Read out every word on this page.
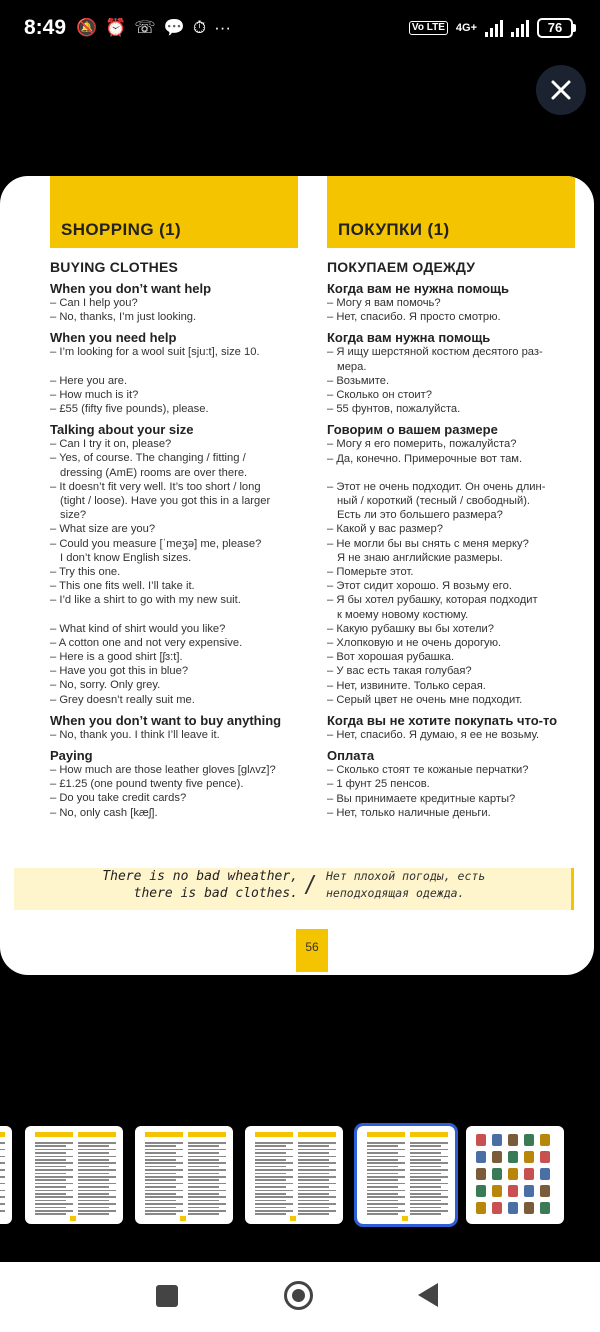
8:49 🔕 ⏰ ☏ 💬 ⏱ ···	Vo LTE 4G+	76
SHOPPING (1)
BUYING CLOTHES
When you don’t want help
– Can I help you?
– No, thanks, I’m just looking.
When you need help
– I’m looking for a wool suit [sju:t], size 10.
– Here you are.
– How much is it?
– £55 (fifty five pounds), please.
Talking about your size
– Can I try it on, please?
– Yes, of course. The changing / fitting /
dressing (AmE) rooms are over there.
– It doesn’t fit very well. It’s too short / long
(tight / loose). Have you got this in a larger
size?
– What size are you?
– Could you measure [ˈmeʒə] me, please?
I don’t know English sizes.
– Try this one.
– This one fits well. I’ll take it.
– I’d like a shirt to go with my new suit.
– What kind of shirt would you like?
– A cotton one and not very expensive.
– Here is a good shirt [ʃɜ:t].
– Have you got this in blue?
– No, sorry. Only grey.
– Grey doesn’t really suit me.
When you don’t want to buy anything
– No, thank you. I think I’ll leave it.
Paying
– How much are those leather gloves [glʌvz]?
– £1.25 (one pound twenty five pence).
– Do you take credit cards?
– No, only cash [kæʃ].
ПОКУПКИ (1)
ПОКУПАЕМ ОДЕЖДУ
Когда вам не нужна помощь
– Могу я вам помочь?
– Нет, спасибо. Я просто смотрю.
Когда вам нужна помощь
– Я ищу шерстяной костюм десятого раз-
мера.
– Возьмите.
– Сколько он стоит?
– 55 фунтов, пожалуйста.
Говорим о вашем размере
– Могу я его померить, пожалуйста?
– Да, конечно. Примерочные вот там.
– Этот не очень подходит. Он очень длин-
ный / короткий (тесный / свободный).
Есть ли это большего размера?
– Какой у вас размер?
– Не могли бы вы снять с меня мерку?
Я не знаю английские размеры.
– Померьте этот.
– Этот сидит хорошо. Я возьму его.
– Я бы хотел рубашку, которая подходит
к моему новому костюму.
– Какую рубашку вы бы хотели?
– Хлопковую и не очень дорогую.
– Вот хорошая рубашка.
– У вас есть такая голубая?
– Нет, извините. Только серая.
– Серый цвет не очень мне подходит.
Когда вы не хотите покупать что-то
– Нет, спасибо. Я думаю, я ее не возьму.
Оплата
– Сколько стоят те кожаные перчатки?
– 1 фунт 25 пенсов.
– Вы принимаете кредитные карты?
– Нет, только наличные деньги.
There is no bad wheather, there is bad clothes. / Нет плохой погоды, есть неподходящая одежда.
56
